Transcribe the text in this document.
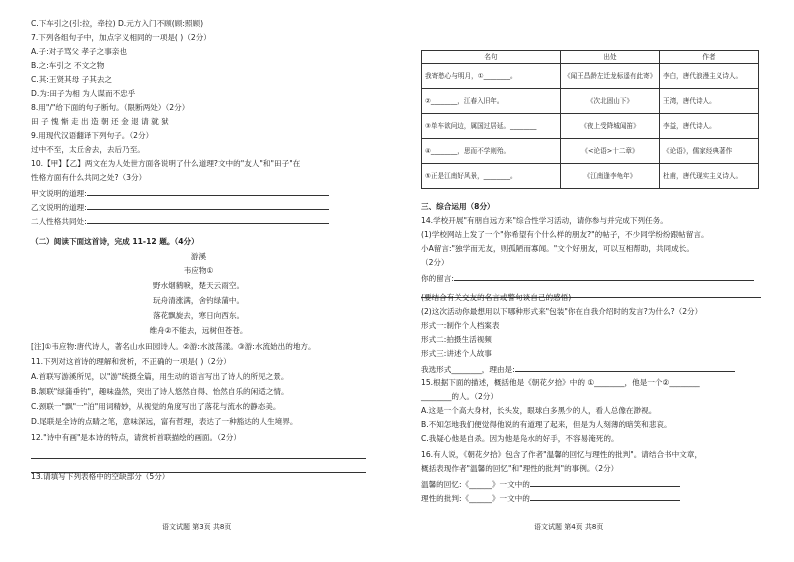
C.下车引之(引:拉，牵拉) D.元方入门不顾(顾:照顾)
7.下列各组句子中，加点字义相同的一项是( )（2分）
A.子:对子骂父 孝子之事亲也
B.之:车引之 不文之物
C.其:王贤其母 子其去之
D.为:田子为相 为人谋而不忠乎
8.用"/"给下面的句子断句。（限断两处）（2分）
田 子 愧 惭 走 出 造 朝 还 金 退 请 就 狱
9.用现代汉语翻译下列句子。（2分）
过中不至，太丘舍去，去后乃至。
10.【甲】【乙】两文在为人处世方面各说明了什么道理?文中的"友人"和"田子"在
性格方面有什么共同之处?（3分）
甲文说明的道理:
乙文说明的道理:
二人性格共同处:
（二）阅读下面这首诗，完成 11-12 题。（4分）
游溪
韦应物①
野水烟鹤唳，楚天云雨空。
玩舟清涨满，舍钓绿蒲中。
落花飘旋去，寒日向西东。
维舟②不能去，远树但苍苍。
[注]①韦应物:唐代诗人，著名山水田园诗人。②游:水波荡漾。③游:水流始出的地方。
11.下列对这首诗的理解和赏析，不正确的一项是( )（2分）
A.首联写游溪所见，以"游"统摄全篇，用生动的语言写出了诗人的所见之景。
B.颔联"绿蒲垂钓"，趣味盎然，突出了诗人悠然自得、怡然自乐的闲适之情。
C.颈联一"飘"一"泊"用词精妙，从视觉的角度写出了落花与流水的静态美。
D.尾联是全诗的点睛之笔，意味深远，富有哲理，表达了一种豁达的人生境界。
12."诗中有画"是本诗的特点，请赏析首联描绘的画面。（2分）
13.请填写下列表格中的空缺部分（5分）
语文试题 第3页 共8页
名句	出处	作者
我寄愁心与明月，①________。	《闻王昌龄左迁龙标遥有此寄》	李白，唐代浪漫主义诗人。
②________，江春入旧年。	《次北固山下》	王湾，唐代诗人。
③单车欲问边，属国过居延。________	《夜上受降城闻笛》	李益，唐代诗人。
④________，思而不学则殆。	《<论语>十二章》	《论语》，儒家经典著作
⑤正是江南好风景，________。	《江南逢李龟年》	杜甫，唐代现实主义诗人。
三、综合运用（8分）
14.学校开展"有朋自远方来"综合性学习活动，请你参与并完成下列任务。
(1)学校网站上发了一个"你希望有个什么样的朋友?"的帖子，不少同学纷纷跟帖留言。
小A留言:"独学而无友，则孤陋而寡闻。"文个好朋友，可以互相帮助，共同成长。
（2分）
你的留言:
(要结合有关交友的名言或警句谈自己的感悟)
(2)这次活动你最想用以下哪种形式来"包装"你在自我介绍时的发言?为什么?（2分）
形式一:制作个人档案表
形式二:拍摄生活视频
形式三:讲述个人故事
我选形式________，理由是:
15.根据下面的描述，概括他是《朝花夕拾》中的 ①________，他是一个②________
________的人。（2分）
A.这是一个高大身材，长头发，眼球白多黑少的人，看人总像在渺视。
B.不知怎地我们便觉得他说的有道理了起来，但是为人刻薄的暗笑和悲哀。
C.我疑心他是自杀。因为他是凫水的好手，不容易淹死的。
16.有人说，《朝花夕拾》包含了作者"温馨的回忆与理性的批判"。请结合书中文章，
概括表现作者"温馨的回忆"和"理性的批判"的事例。（2分）
温馨的回忆:《______》一文中的
理性的批判:《______》一文中的
语文试题 第4页 共8页
